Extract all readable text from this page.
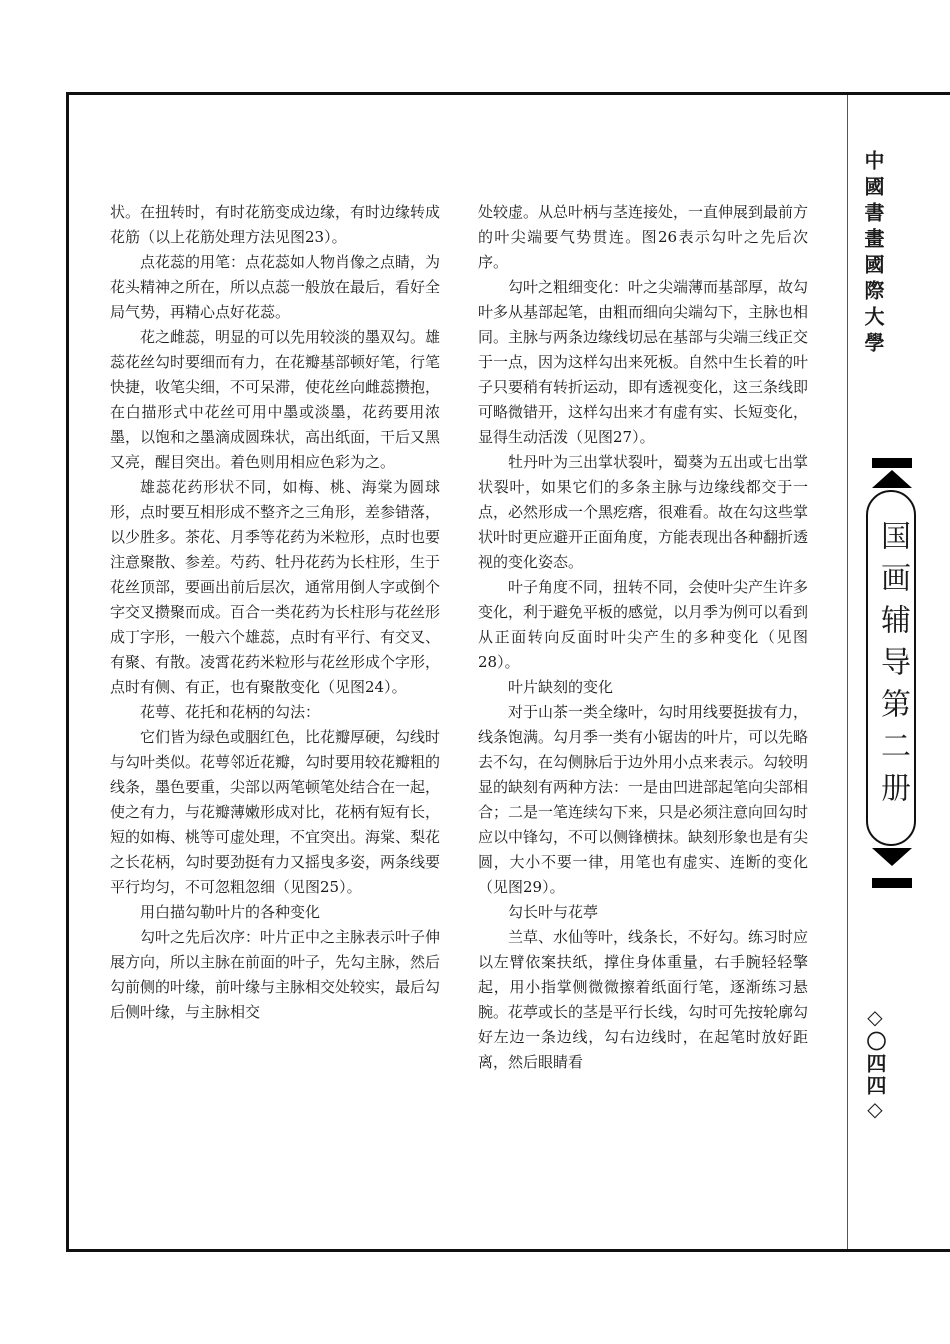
状。在扭转时，有时花筋变成边缘，有时边缘转成花筋（以上花筋处理方法见图23）。

点花蕊的用笔：点花蕊如人物肖像之点睛，为花头精神之所在，所以点蕊一般放在最后，看好全局气势，再精心点好花蕊。

花之雌蕊，明显的可以先用较淡的墨双勾。雄蕊花丝勾时要细而有力，在花瓣基部顿好笔，行笔快捷，收笔尖细，不可呆滞，使花丝向雌蕊攒抱，在白描形式中花丝可用中墨或淡墨，花药要用浓墨，以饱和之墨滴成圆珠状，高出纸面，干后又黑又亮，醒目突出。着色则用相应色彩为之。

雄蕊花药形状不同，如梅、桃、海棠为圆球形，点时要互相形成不整齐之三角形，差参错落，以少胜多。茶花、月季等花药为米粒形，点时也要注意聚散、参差。芍药、牡丹花药为长柱形，生于花丝顶部，要画出前后层次，通常用倒人字或倒个字交叉攒聚而成。百合一类花药为长柱形与花丝形成丁字形，一般六个雄蕊，点时有平行、有交叉、有聚、有散。凌霄花药米粒形与花丝形成个字形，点时有侧、有正，也有聚散变化（见图24）。

花萼、花托和花柄的勾法：

它们皆为绿色或胭红色，比花瓣厚硬，勾线时与勾叶类似。花萼邻近花瓣，勾时要用较花瓣粗的线条，墨色要重，尖部以两笔顿笔处结合在一起，使之有力，与花瓣薄嫩形成对比，花柄有短有长，短的如梅、桃等可虚处理，不宜突出。海棠、梨花之长花柄，勾时要劲挺有力又摇曳多姿，两条线要平行均匀，不可忽粗忽细（见图25）。

用白描勾勒叶片的各种变化

勾叶之先后次序：叶片正中之主脉表示叶子伸展方向，所以主脉在前面的叶子，先勾主脉，然后勾前侧的叶缘，前叶缘与主脉相交处较实，最后勾后侧叶缘，与主脉相交

处较虚。从总叶柄与茎连接处，一直伸展到最前方的叶尖端要气势贯连。图26表示勾叶之先后次序。

勾叶之粗细变化：叶之尖端薄而基部厚，故勾叶多从基部起笔，由粗而细向尖端勾下，主脉也相同。主脉与两条边缘线切忌在基部与尖端三线正交于一点，因为这样勾出来死板。自然中生长着的叶子只要稍有转折运动，即有透视变化，这三条线即可略微错开，这样勾出来才有虚有实、长短变化，显得生动活泼（见图27）。

牡丹叶为三出掌状裂叶，蜀葵为五出或七出掌状裂叶，如果它们的多条主脉与边缘线都交于一点，必然形成一个黑疙瘩，很难看。故在勾这些掌状叶时更应避开正面角度，方能表现出各种翻折透视的变化姿态。

叶子角度不同，扭转不同，会使叶尖产生许多变化，利于避免平板的感觉，以月季为例可以看到从正面转向反面时叶尖产生的多种变化（见图28）。

叶片缺刻的变化

对于山茶一类全缘叶，勾时用线要挺拔有力，线条饱满。勾月季一类有小锯齿的叶片，可以先略去不勾，在勾侧脉后于边外用小点来表示。勾较明显的缺刻有两种方法：一是由凹进部起笔向尖部相合；二是一笔连续勾下来，只是必须注意向回勾时应以中锋勾，不可以侧锋横抹。缺刻形象也是有尖圆，大小不要一律，用笔也有虚实、连断的变化（见图29）。

勾长叶与花葶

兰草、水仙等叶，线条长，不好勾。练习时应以左臂依案扶纸，撑住身体重量，右手腕轻轻擎起，用小指掌侧微微擦着纸面行笔，逐渐练习悬腕。花葶或长的茎是平行长线，勾时可先按轮廓勾好左边一条边线，勾右边线时，在起笔时放好距离，然后眼睛看

中國書畫國際大學
国画辅导第二册
◇〇四四◇
